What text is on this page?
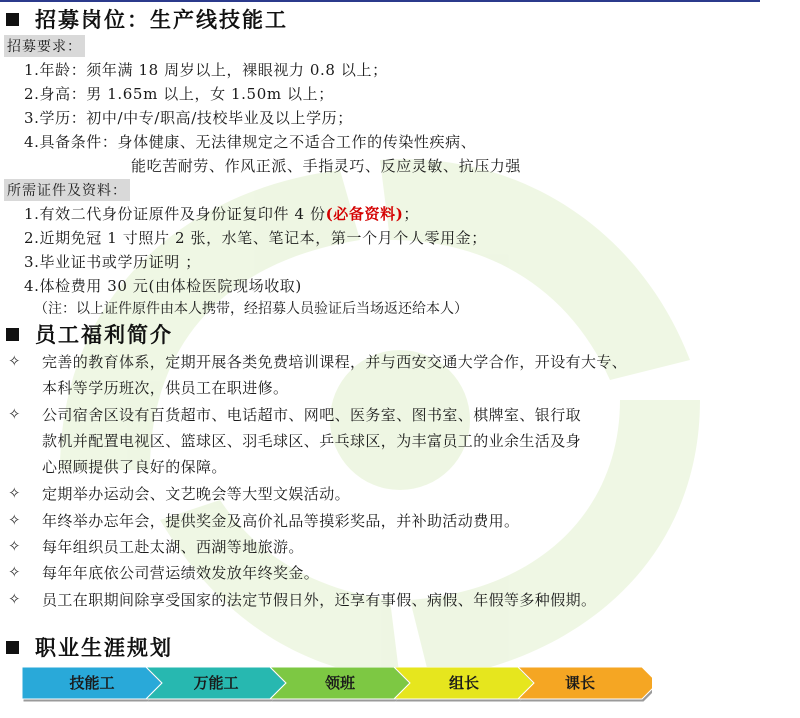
招募岗位：生产线技能工
招募要求：
1.年龄：须年满 18 周岁以上，裸眼视力 0.8 以上；
2.身高：男 1.65m 以上，女 1.50m 以上；
3.学历：初中/中专/职高/技校毕业及以上学历；
4.具备条件：身体健康、无法律规定之不适合工作的传染性疾病、
能吃苦耐劳、作风正派、手指灵巧、反应灵敏、抗压力强
所需证件及资料：
1.有效二代身份证原件及身份证复印件 4 份(必备资料)；
2.近期免冠 1 寸照片 2 张，水笔、笔记本，第一个月个人零用金；
3.毕业证书或学历证明 ；
4.体检费用 30 元(由体检医院现场收取)
（注：以上证件原件由本人携带，经招募人员验证后当场返还给本人）
员工福利简介
✧ 完善的教育体系，定期开展各类免费培训课程，并与西安交通大学合作，开设有大专、
本科等学历班次，供员工在职进修。
✧ 公司宿舍区设有百货超市、电话超市、网吧、医务室、图书室、棋牌室、银行取
款机并配置电视区、篮球区、羽毛球区、乒乓球区，为丰富员工的业余生活及身
心照顾提供了良好的保障。
✧ 定期举办运动会、文艺晚会等大型文娱活动。
✧ 年终举办忘年会，提供奖金及高价礼品等摸彩奖品，并补助活动费用。
✧ 每年组织员工赴太湖、西湖等地旅游。
✧ 每年年底依公司营运绩效发放年终奖金。
✧ 员工在职期间除享受国家的法定节假日外，还享有事假、病假、年假等多种假期。
职业生涯规划
技能工	万能工	领班	组长	课长
